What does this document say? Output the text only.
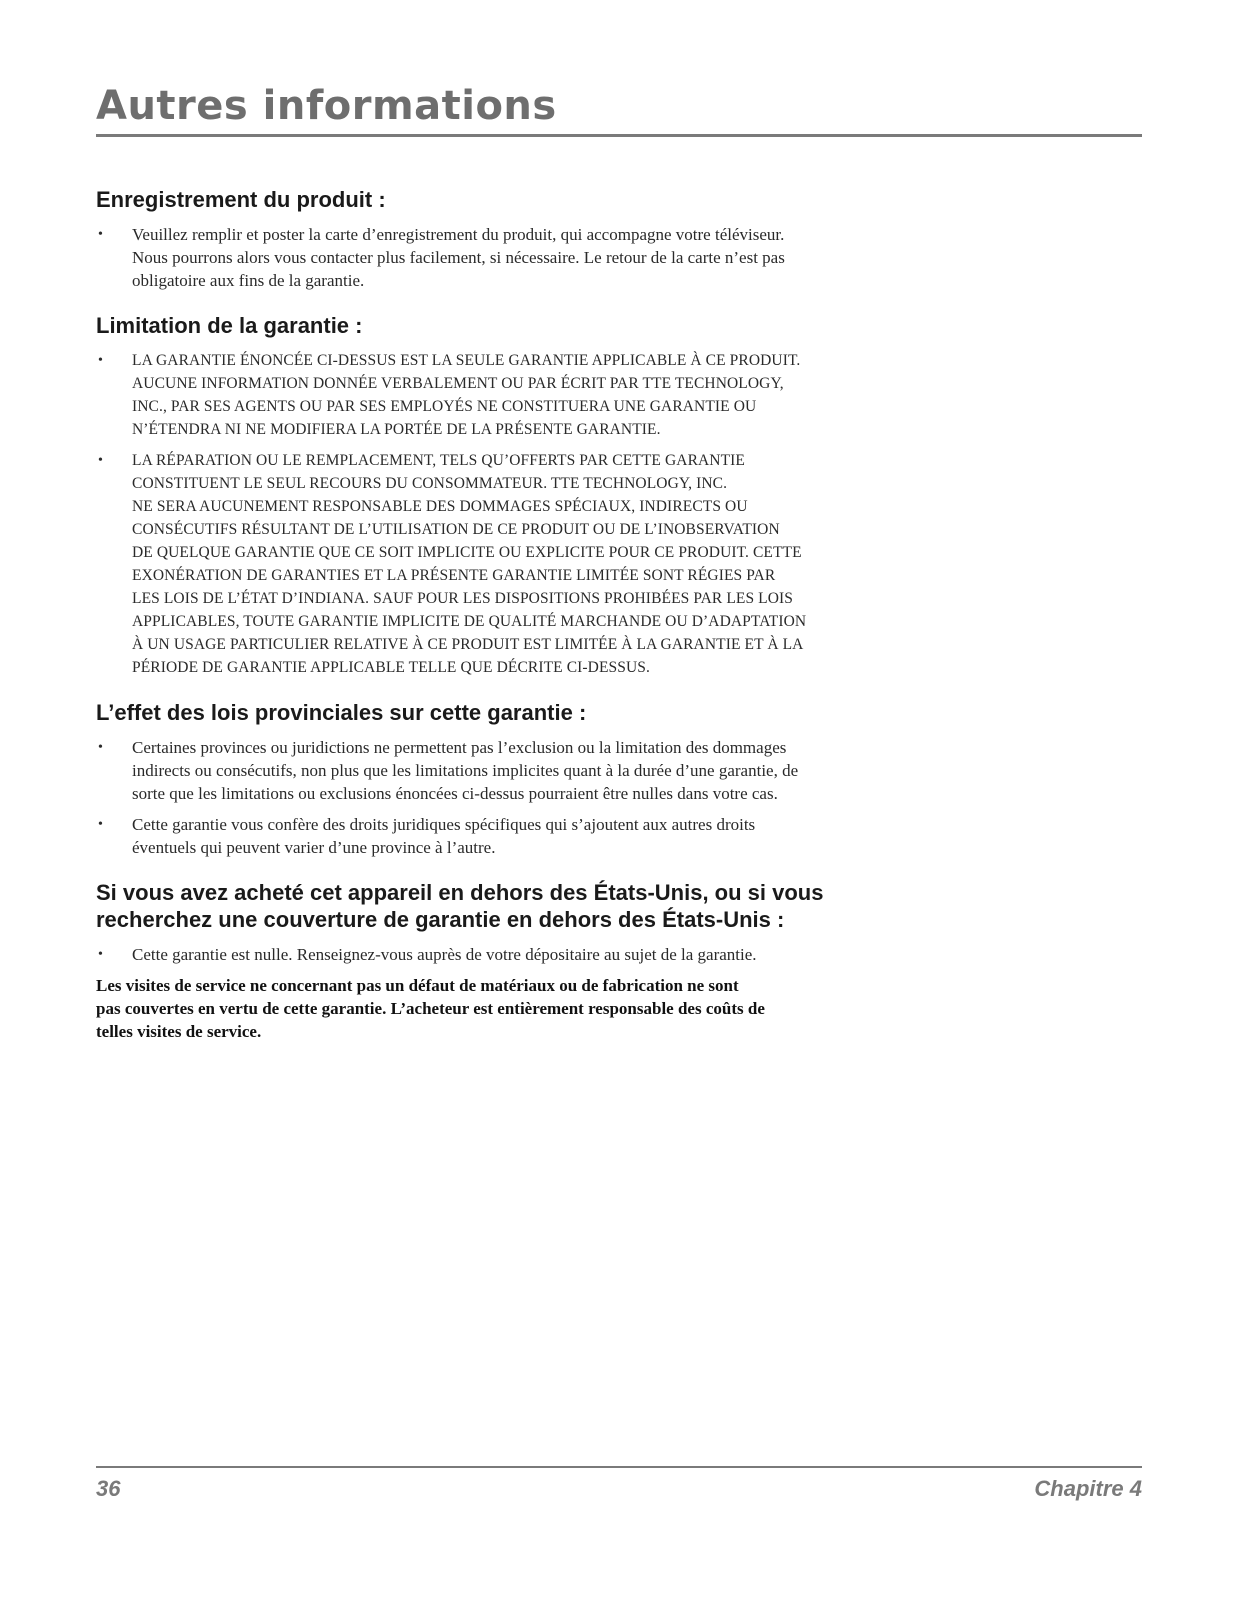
Autres informations
Enregistrement du produit :
• Veuillez remplir et poster la carte d’enregistrement du produit, qui accompagne votre téléviseur.
Nous pourrons alors vous contacter plus facilement, si nécessaire. Le retour de la carte n’est pas
obligatoire aux fins de la garantie.
Limitation de la garantie :
• LA GARANTIE ÉNONCÉE CI-DESSUS EST LA SEULE GARANTIE APPLICABLE À CE PRODUIT.
AUCUNE INFORMATION DONNÉE VERBALEMENT OU PAR ÉCRIT PAR TTE TECHNOLOGY,
INC., PAR SES AGENTS OU PAR SES EMPLOYÉS NE CONSTITUERA UNE GARANTIE OU
N’ÉTENDRA NI NE MODIFIERA LA PORTÉE DE LA PRÉSENTE GARANTIE.
• LA RÉPARATION OU LE REMPLACEMENT, TELS QU’OFFERTS PAR CETTE GARANTIE
CONSTITUENT LE SEUL RECOURS DU CONSOMMATEUR. TTE TECHNOLOGY, INC.
NE SERA AUCUNEMENT RESPONSABLE DES DOMMAGES SPÉCIAUX, INDIRECTS OU
CONSÉCUTIFS RÉSULTANT DE L’UTILISATION DE CE PRODUIT OU DE L’INOBSERVATION
DE QUELQUE GARANTIE QUE CE SOIT IMPLICITE OU EXPLICITE POUR CE PRODUIT. CETTE
EXONÉRATION DE GARANTIES ET LA PRÉSENTE GARANTIE LIMITÉE SONT RÉGIES PAR
LES LOIS DE L’ÉTAT D’INDIANA. SAUF POUR LES DISPOSITIONS PROHIBÉES PAR LES LOIS
APPLICABLES, TOUTE GARANTIE IMPLICITE DE QUALITÉ MARCHANDE OU D’ADAPTATION
À UN USAGE PARTICULIER RELATIVE À CE PRODUIT EST LIMITÉE À LA GARANTIE ET À LA
PÉRIODE DE GARANTIE APPLICABLE TELLE QUE DÉCRITE CI-DESSUS.
L’effet des lois provinciales sur cette garantie :
• Certaines provinces ou juridictions ne permettent pas l’exclusion ou la limitation des dommages
indirects ou consécutifs, non plus que les limitations implicites quant à la durée d’une garantie, de
sorte que les limitations ou exclusions énoncées ci-dessus pourraient être nulles dans votre cas.
• Cette garantie vous confère des droits juridiques spécifiques qui s’ajoutent aux autres droits
éventuels qui peuvent varier d’une province à l’autre.
Si vous avez acheté cet appareil en dehors des États-Unis, ou si vous
recherchez une couverture de garantie en dehors des États-Unis :
• Cette garantie est nulle. Renseignez-vous auprès de votre dépositaire au sujet de la garantie.

Les visites de service ne concernant pas un défaut de matériaux ou de fabrication ne sont
pas couvertes en vertu de cette garantie. L’acheteur est entièrement responsable des coûts de
telles visites de service.

36	Chapitre 4
